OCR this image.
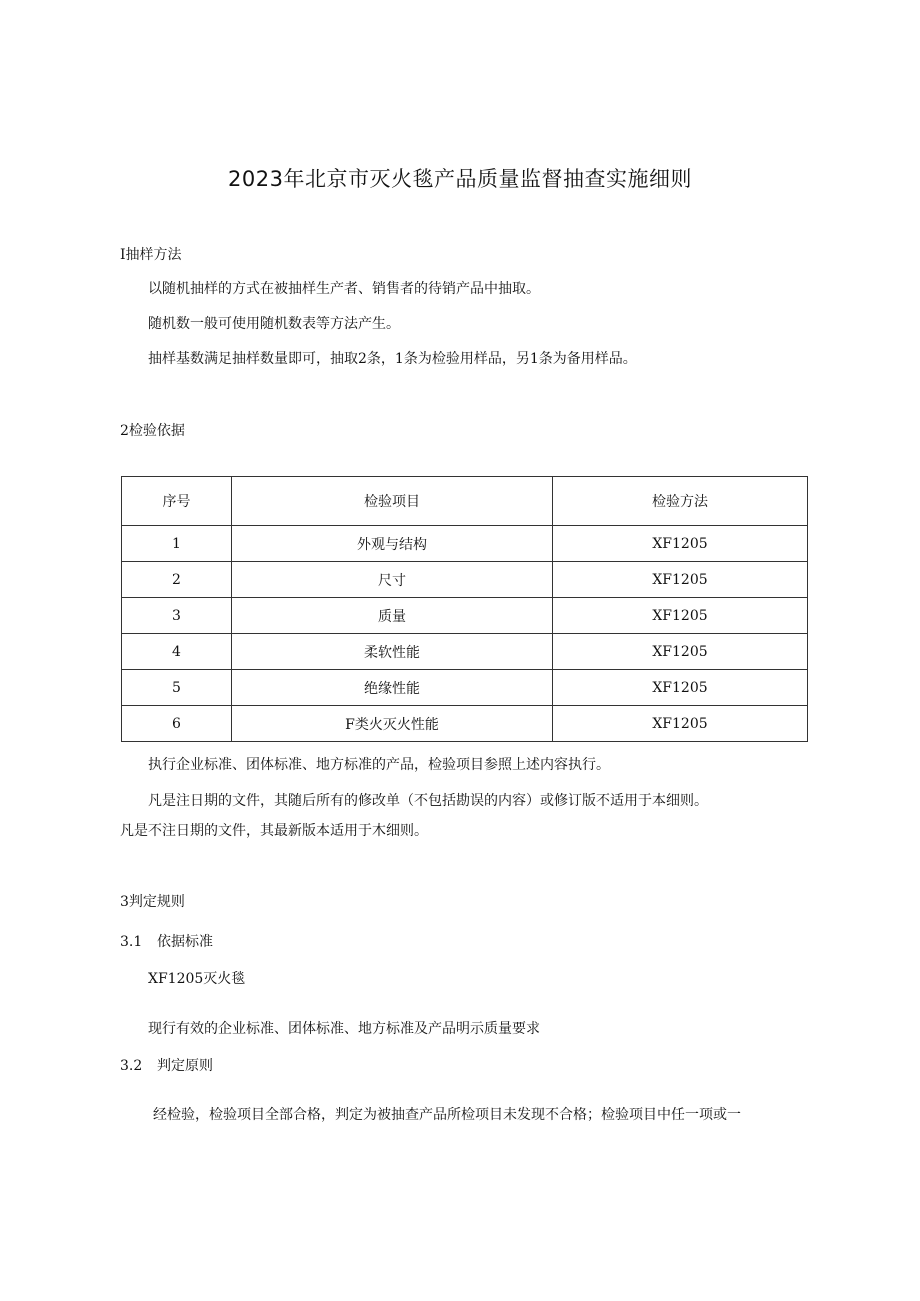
2023年北京市灭火毯产品质量监督抽查实施细则
I抽样方法
以随机抽样的方式在被抽样生产者、销售者的待销产品中抽取。
随机数一般可使用随机数表等方法产生。
抽样基数满足抽样数量即可，抽取2条，1条为检验用样品，另1条为备用样品。
2检验依据
序号	检验项目	检验方法
1	外观与结构	XF1205
2	尺寸	XF1205
3	质量	XF1205
4	柔软性能	XF1205
5	绝缘性能	XF1205
6	F类火灭火性能	XF1205
执行企业标准、团体标准、地方标准的产品，检验项目参照上述内容执行。
凡是注日期的文件，其随后所有的修改单（不包括勘误的内容）或修订版不适用于本细则。
凡是不注日期的文件，其最新版本适用于木细则。
3判定规则
3.1 依据标准
XF1205灭火毯
现行有效的企业标准、团体标准、地方标准及产品明示质量要求
3.2 判定原则
经检验，检验项目全部合格，判定为被抽查产品所检项目未发现不合格；检验项目中任一项或一
